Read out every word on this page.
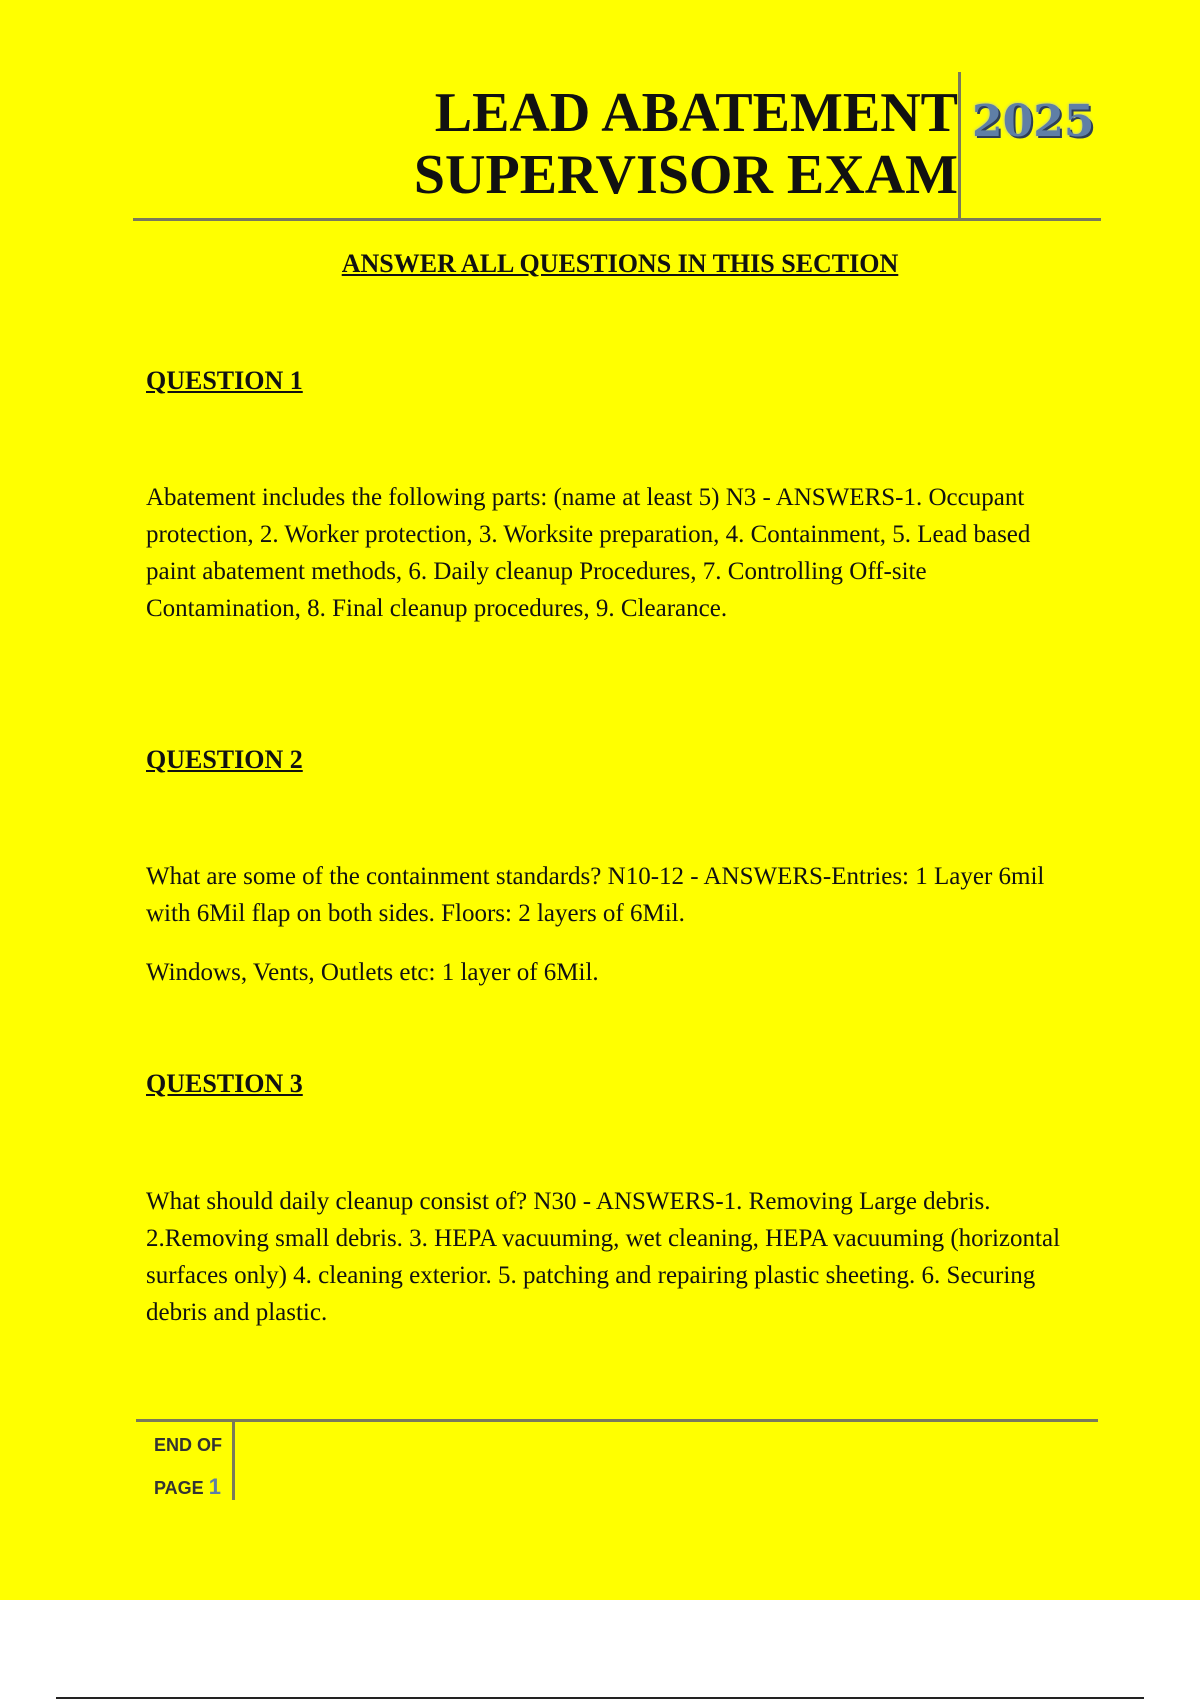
LEAD ABATEMENT
SUPERVISOR EXAM
2025
ANSWER ALL QUESTIONS IN THIS SECTION
QUESTION 1

Abatement includes the following parts: (name at least 5) N3 - ANSWERS-1. Occupant protection, 2. Worker protection, 3. Worksite preparation, 4. Containment, 5. Lead based paint abatement methods, 6. Daily cleanup Procedures, 7. Controlling Off-site Contamination, 8. Final cleanup procedures, 9. Clearance.

QUESTION 2

What are some of the containment standards? N10-12 - ANSWERS-Entries: 1 Layer 6mil with 6Mil flap on both sides. Floors: 2 layers of 6Mil.

Windows, Vents, Outlets etc: 1 layer of 6Mil.

QUESTION 3

What should daily cleanup consist of? N30 - ANSWERS-1. Removing Large debris. 2.Removing small debris. 3. HEPA vacuuming, wet cleaning, HEPA vacuuming (horizontal surfaces only) 4. cleaning exterior. 5. patching and repairing plastic sheeting. 6. Securing debris and plastic.

END OF
PAGE 1
